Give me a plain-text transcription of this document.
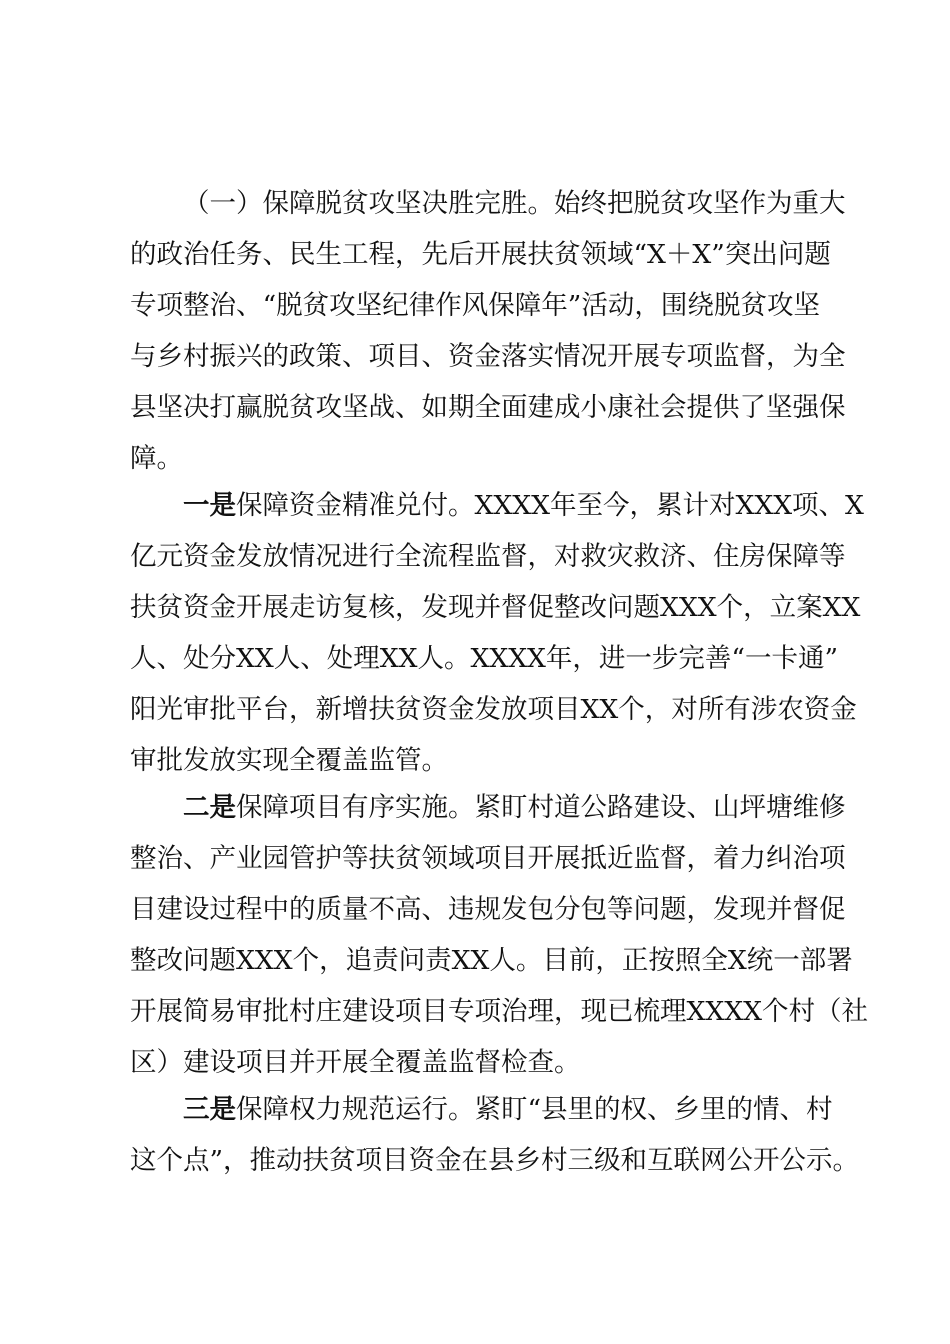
（一）保障脱贫攻坚决胜完胜。始终把脱贫攻坚作为重大
的政治任务、民生工程，先后开展扶贫领域“X＋X”突出问题
专项整治、“脱贫攻坚纪律作风保障年”活动，围绕脱贫攻坚
与乡村振兴的政策、项目、资金落实情况开展专项监督，为全
县坚决打赢脱贫攻坚战、如期全面建成小康社会提供了坚强保
障。
一是保障资金精准兑付。XXXX年至今，累计对XXX项、X
亿元资金发放情况进行全流程监督，对救灾救济、住房保障等
扶贫资金开展走访复核，发现并督促整改问题XXX个，立案XX
人、处分XX人、处理XX人。XXXX年，进一步完善“一卡通”
阳光审批平台，新增扶贫资金发放项目XX个，对所有涉农资金
审批发放实现全覆盖监管。
二是保障项目有序实施。紧盯村道公路建设、山坪塘维修
整治、产业园管护等扶贫领域项目开展抵近监督，着力纠治项
目建设过程中的质量不高、违规发包分包等问题，发现并督促
整改问题XXX个，追责问责XX人。目前，正按照全X统一部署
开展简易审批村庄建设项目专项治理，现已梳理XXXX个村（社
区）建设项目并开展全覆盖监督检查。
三是保障权力规范运行。紧盯“县里的权、乡里的情、村
这个点”，推动扶贫项目资金在县乡村三级和互联网公开公示。
